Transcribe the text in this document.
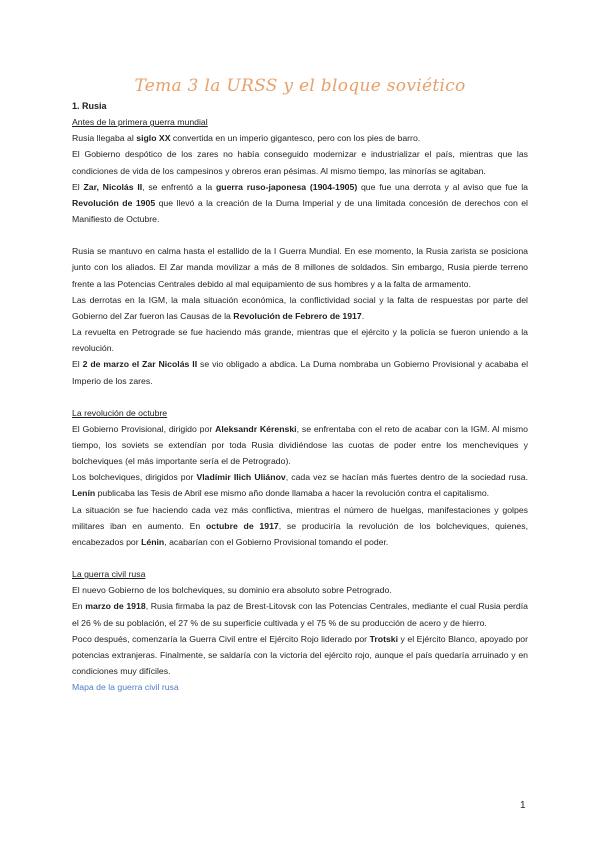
Tema 3 la URSS y el bloque soviético

1. Rusia

Antes de la primera guerra mundial

Rusia llegaba al siglo XX convertida en un imperio gigantesco, pero con los pies de barro.

El Gobierno despótico de los zares no había conseguido modernizar e industrializar el país, mientras que las condiciones de vida de los campesinos y obreros eran pésimas. Al mismo tiempo, las minorías se agitaban.

El Zar, Nicolás II, se enfrentó a la guerra ruso-japonesa (1904-1905) que fue una derrota y al aviso que fue la Revolución de 1905 que llevó a la creación de la Duma Imperial y de una limitada concesión de derechos con el Manifiesto de Octubre.

Rusia se mantuvo en calma hasta el estallido de la I Guerra Mundial. En ese momento, la Rusia zarista se posiciona junto con los aliados. El Zar manda movilizar a más de 8 millones de soldados. Sin embargo, Rusia pierde terreno frente a las Potencias Centrales debido al mal equipamiento de sus hombres y a la falta de armamento.

Las derrotas en la IGM, la mala situación económica, la conflictividad social y la falta de respuestas por parte del Gobierno del Zar fueron las Causas de la Revolución de Febrero de 1917.

La revuelta en Petrograde se fue haciendo más grande, mientras que el ejército y la policía se fueron uniendo a la revolución.

El 2 de marzo el Zar Nicolás II se vio obligado a abdica. La Duma nombraba un Gobierno Provisional y acababa el Imperio de los zares.

La revolución de octubre

El Gobierno Provisional, dirigido por Aleksandr Kérenski, se enfrentaba con el reto de acabar con la IGM. Al mismo tiempo, los soviets se extendían por toda Rusia dividiéndose las cuotas de poder entre los mencheviques y bolcheviques (el más importante sería el de Petrogrado).

Los bolcheviques, dirigidos por Vladímir Ilich Uliánov, cada vez se hacían más fuertes dentro de la sociedad rusa. Lenín publicaba las Tesis de Abril ese mismo año donde llamaba a hacer la revolución contra el capitalismo.

La situación se fue haciendo cada vez más conflictiva, mientras el número de huelgas, manifestaciones y golpes militares iban en aumento. En octubre de 1917, se produciría la revolución de los bolcheviques, quienes, encabezados por Lénin, acabarían con el Gobierno Provisional tomando el poder.

La guerra civil rusa

El nuevo Gobierno de los bolcheviques, su dominio era absoluto sobre Petrogrado.

En marzo de 1918, Rusia firmaba la paz de Brest-Litovsk con las Potencias Centrales, mediante el cual Rusia perdía el 26 % de su población, el 27 % de su superficie cultivada y el 75 % de su producción de acero y de hierro.

Poco después, comenzaría la Guerra Civil entre el Ejército Rojo liderado por Trotski y el Ejército Blanco, apoyado por potencias extranjeras. Finalmente, se saldaría con la victoria del ejército rojo, aunque el país quedaría arruinado y en condiciones muy difíciles.

Mapa de la guerra civil rusa

1
